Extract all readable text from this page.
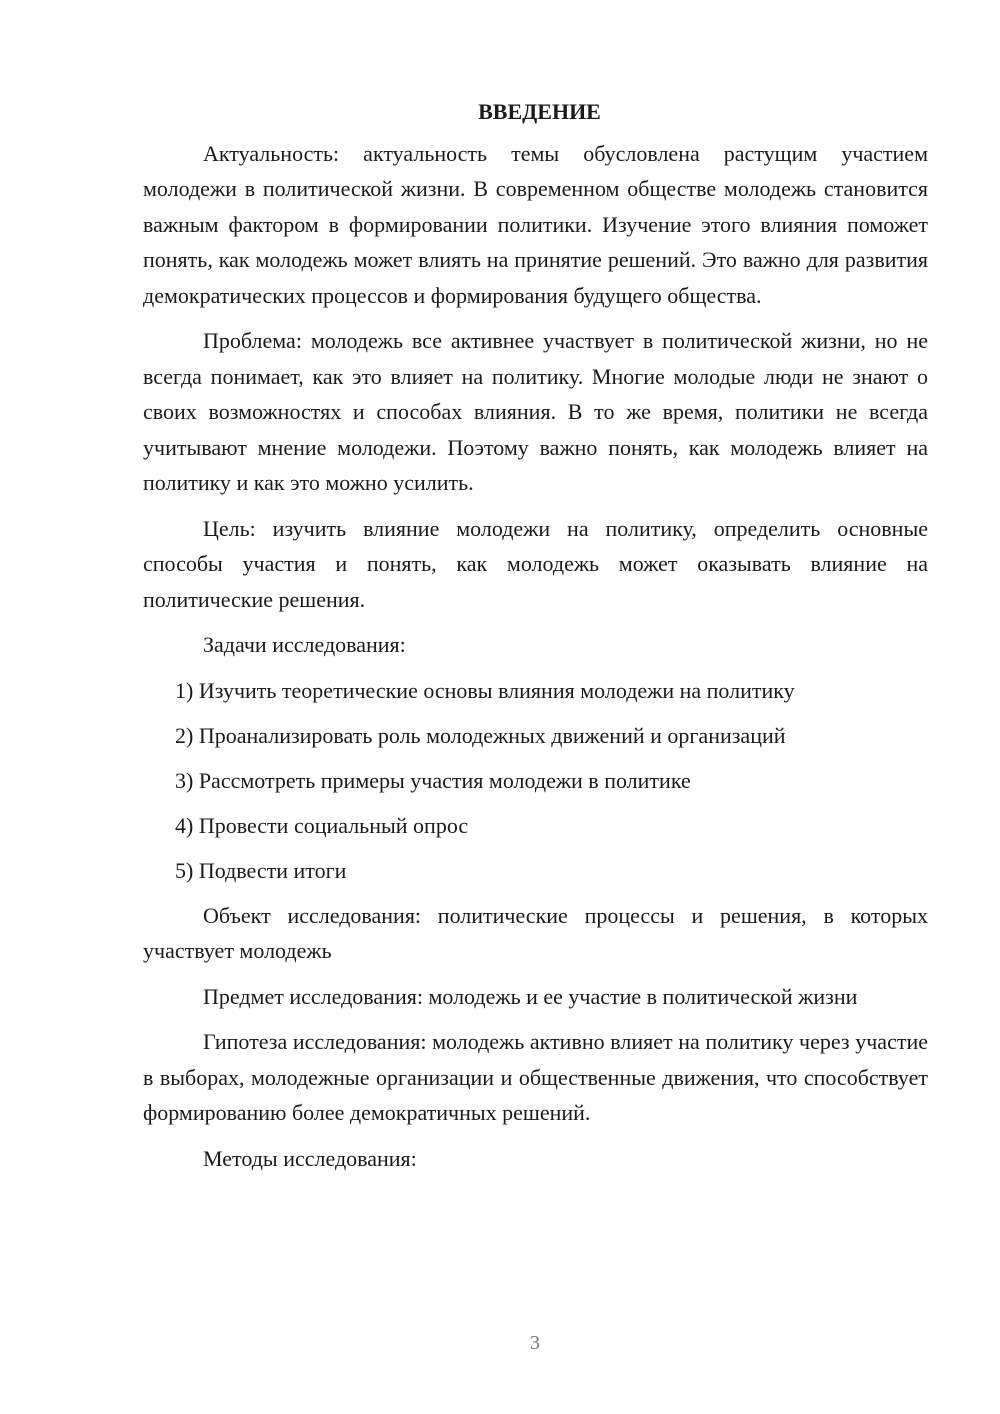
ВВЕДЕНИЕ

Актуальность: актуальность темы обусловлена растущим участием молодежи в политической жизни. В современном обществе молодежь становится важным фактором в формировании политики. Изучение этого влияния поможет понять, как молодежь может влиять на принятие решений. Это важно для развития демократических процессов и формирования будущего общества.

Проблема: молодежь все активнее участвует в политической жизни, но не всегда понимает, как это влияет на политику. Многие молодые люди не знают о своих возможностях и способах влияния. В то же время, политики не всегда учитывают мнение молодежи. Поэтому важно понять, как молодежь влияет на политику и как это можно усилить.

Цель: изучить влияние молодежи на политику, определить основные способы участия и понять, как молодежь может оказывать влияние на политические решения.

Задачи исследования:

1) Изучить теоретические основы влияния молодежи на политику
2) Проанализировать роль молодежных движений и организаций
3) Рассмотреть примеры участия молодежи в политике
4) Провести социальный опрос
5) Подвести итоги

Объект исследования: политические процессы и решения, в которых участвует молодежь

Предмет исследования: молодежь и ее участие в политической жизни

Гипотеза исследования: молодежь активно влияет на политику через участие в выборах, молодежные организации и общественные движения, что способствует формированию более демократичных решений.

Методы исследования:

3
